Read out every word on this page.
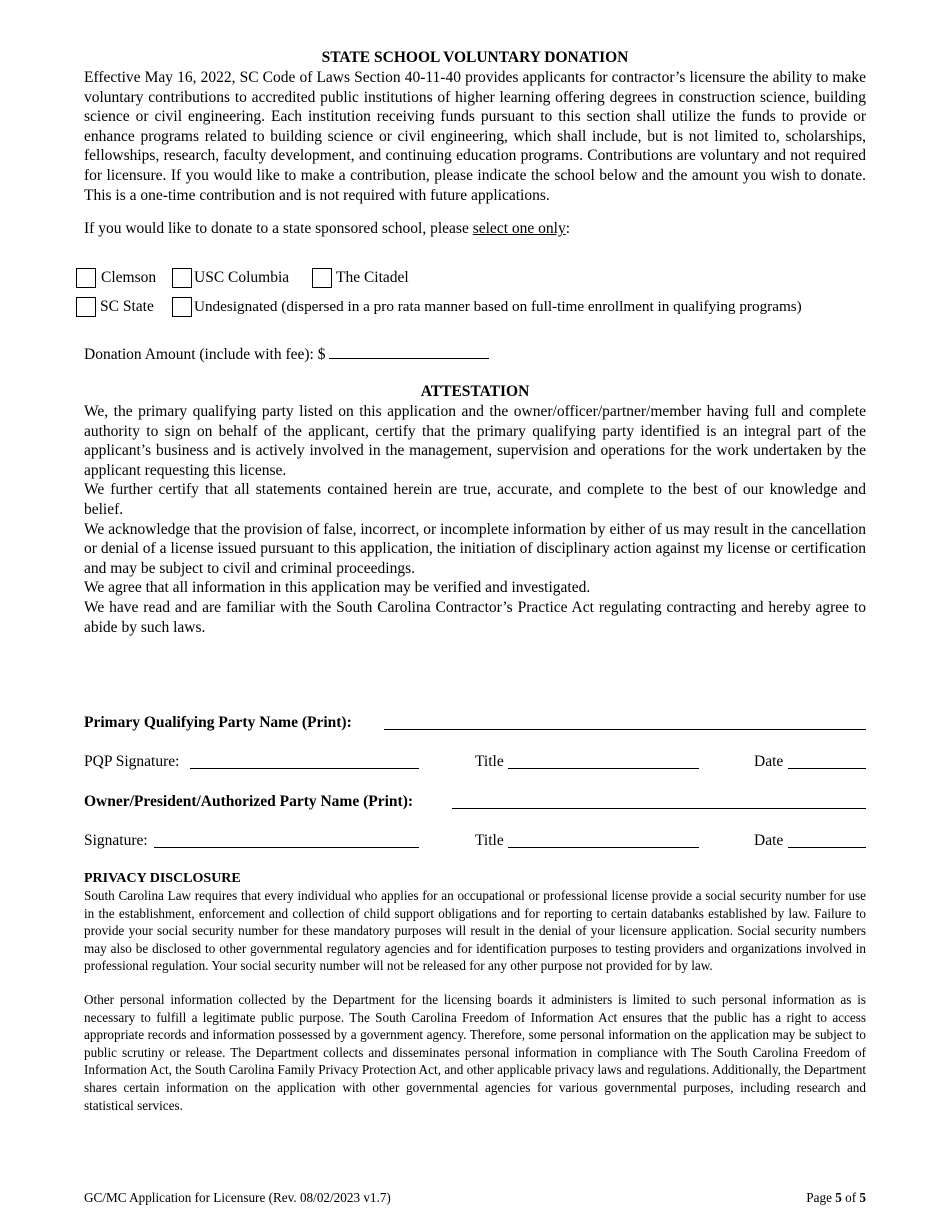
STATE SCHOOL VOLUNTARY DONATION

Effective May 16, 2022, SC Code of Laws Section 40-11-40 provides applicants for contractor’s licensure the ability to make voluntary contributions to accredited public institutions of higher learning offering degrees in construction science, building science or civil engineering. Each institution receiving funds pursuant to this section shall utilize the funds to provide or enhance programs related to building science or civil engineering, which shall include, but is not limited to, scholarships, fellowships, research, faculty development, and continuing education programs. Contributions are voluntary and not required for licensure. If you would like to make a contribution, please indicate the school below and the amount you wish to donate. This is a one-time contribution and is not required with future applications.

If you would like to donate to a state sponsored school, please select one only:

Clemson USC Columbia	The Citadel
SC State	Undesignated (dispersed in a pro rata manner based on full-time enrollment in qualifying programs)
Donation Amount (include with fee): $
ATTESTATION

We, the primary qualifying party listed on this application and the owner/officer/partner/member having full and complete authority to sign on behalf of the applicant, certify that the primary qualifying party identified is an integral part of the applicant’s business and is actively involved in the management, supervision and operations for the work undertaken by the applicant requesting this license.

We further certify that all statements contained herein are true, accurate, and complete to the best of our knowledge and belief.

We acknowledge that the provision of false, incorrect, or incomplete information by either of us may result in the cancellation or denial of a license issued pursuant to this application, the initiation of disciplinary action against my license or certification and may be subject to civil and criminal proceedings.

We agree that all information in this application may be verified and investigated.

We have read and are familiar with the South Carolina Contractor’s Practice Act regulating contracting and hereby agree to abide by such laws.

Primary Qualifying Party Name (Print):
PQP Signature:	Title	Date
Owner/President/Authorized Party Name (Print):
Signature:	Title	Date
PRIVACY DISCLOSURE

South Carolina Law requires that every individual who applies for an occupational or professional license provide a social security number for use in the establishment, enforcement and collection of child support obligations and for reporting to certain databanks established by law. Failure to provide your social security number for these mandatory purposes will result in the denial of your licensure application. Social security numbers may also be disclosed to other governmental regulatory agencies and for identification purposes to testing providers and organizations involved in professional regulation. Your social security number will not be released for any other purpose not provided for by law.

Other personal information collected by the Department for the licensing boards it administers is limited to such personal information as is necessary to fulfill a legitimate public purpose. The South Carolina Freedom of Information Act ensures that the public has a right to access appropriate records and information possessed by a government agency. Therefore, some personal information on the application may be subject to public scrutiny or release. The Department collects and disseminates personal information in compliance with The South Carolina Freedom of Information Act, the South Carolina Family Privacy Protection Act, and other applicable privacy laws and regulations. Additionally, the Department shares certain information on the application with other governmental agencies for various governmental purposes, including research and statistical services.

GC/MC Application for Licensure (Rev. 08/02/2023 v1.7)	Page 5 of 5
